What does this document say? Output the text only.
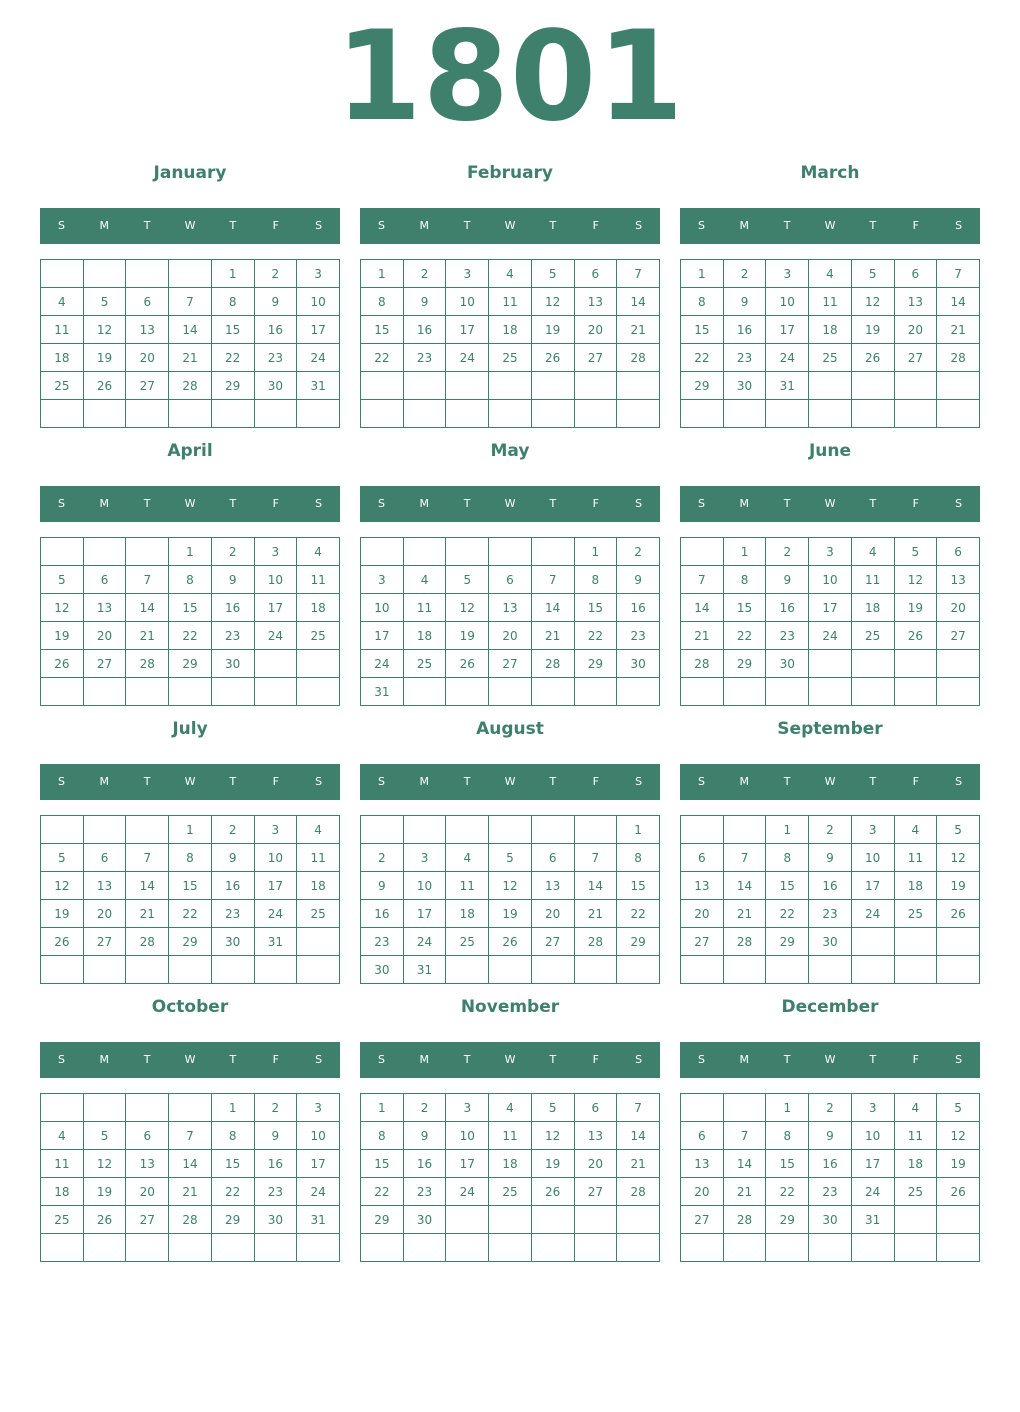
1801
January
S	M	T	W	T	F	S
				1	2	3
4	5	6	7	8	9	10
11	12	13	14	15	16	17
18	19	20	21	22	23	24
25	26	27	28	29	30	31

February
S	M	T	W	T	F	S
1	2	3	4	5	6	7
8	9	10	11	12	13	14
15	16	17	18	19	20	21
22	23	24	25	26	27	28

March
S	M	T	W	T	F	S
1	2	3	4	5	6	7
8	9	10	11	12	13	14
15	16	17	18	19	20	21
22	23	24	25	26	27	28
29	30	31				

April
S	M	T	W	T	F	S
			1	2	3	4
5	6	7	8	9	10	11
12	13	14	15	16	17	18
19	20	21	22	23	24	25
26	27	28	29	30		

May
S	M	T	W	T	F	S
					1	2
3	4	5	6	7	8	9
10	11	12	13	14	15	16
17	18	19	20	21	22	23
24	25	26	27	28	29	30
31						
June
S	M	T	W	T	F	S
	1	2	3	4	5	6
7	8	9	10	11	12	13
14	15	16	17	18	19	20
21	22	23	24	25	26	27
28	29	30				

July
S	M	T	W	T	F	S
			1	2	3	4
5	6	7	8	9	10	11
12	13	14	15	16	17	18
19	20	21	22	23	24	25
26	27	28	29	30	31	

August
S	M	T	W	T	F	S
						1
2	3	4	5	6	7	8
9	10	11	12	13	14	15
16	17	18	19	20	21	22
23	24	25	26	27	28	29
30	31					
September
S	M	T	W	T	F	S
		1	2	3	4	5
6	7	8	9	10	11	12
13	14	15	16	17	18	19
20	21	22	23	24	25	26
27	28	29	30			

October
S	M	T	W	T	F	S
				1	2	3
4	5	6	7	8	9	10
11	12	13	14	15	16	17
18	19	20	21	22	23	24
25	26	27	28	29	30	31

November
S	M	T	W	T	F	S
1	2	3	4	5	6	7
8	9	10	11	12	13	14
15	16	17	18	19	20	21
22	23	24	25	26	27	28
29	30					

December
S	M	T	W	T	F	S
		1	2	3	4	5
6	7	8	9	10	11	12
13	14	15	16	17	18	19
20	21	22	23	24	25	26
27	28	29	30	31		
